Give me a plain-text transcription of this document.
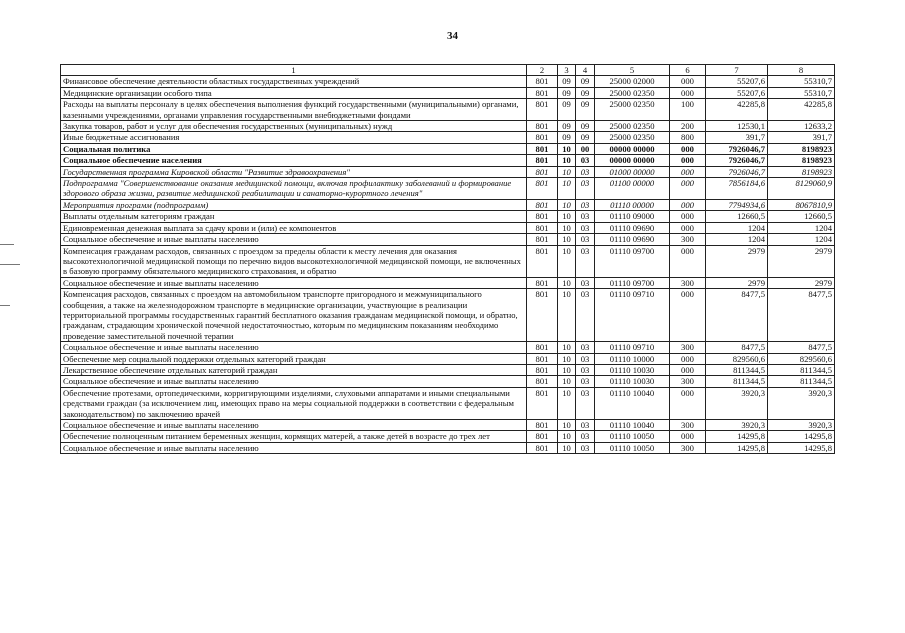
34
1	2	3	4	5	6	7	8
Финансовое обеспечение деятельности областных государственных учреждений	801	09	09	25000 02000	000	55207,6	55310,7
Медицинские организации особого типа	801	09	09	25000 02350	000	55207,6	55310,7
Расходы на выплаты персоналу в целях обеспечения выполнения функций государственными (муниципальными) органами, казенными учреждениями, органами управления государственными внебюджетными фондами	801	09	09	25000 02350	100	42285,8	42285,8
Закупка товаров, работ и услуг для обеспечения государственных (муниципальных) нужд	801	09	09	25000 02350	200	12530,1	12633,2
Иные бюджетные ассигнования	801	09	09	25000 02350	800	391,7	391,7
Социальная политика	801	10	00	00000 00000	000	7926046,7	8198923
Социальное обеспечение населения	801	10	03	00000 00000	000	7926046,7	8198923
Государственная программа Кировской области "Развитие здравоохранения"	801	10	03	01000 00000	000	7926046,7	8198923
Подпрограмма "Совершенствование оказания медицинской помощи, включая профилактику заболеваний и формирование здорового образа жизни, развитие медицинской реабилитации и санаторно-курортного лечения"	801	10	03	01100 00000	000	7856184,6	8129060,9
Мероприятия программ (подпрограмм)	801	10	03	01110 00000	000	7794934,6	8067810,9
Выплаты отдельным категориям граждан	801	10	03	01110 09000	000	12660,5	12660,5
Единовременная денежная выплата за сдачу крови и (или) ее компонентов	801	10	03	01110 09690	000	1204	1204
Социальное обеспечение и иные выплаты населению	801	10	03	01110 09690	300	1204	1204
Компенсация гражданам расходов, связанных с проездом за пределы области к месту лечения для оказания высокотехнологичной медицинской помощи по перечню видов высокотехнологичной медицинской помощи, не включенных в базовую программу обязательного медицинского страхования, и обратно	801	10	03	01110 09700	000	2979	2979
Социальное обеспечение и иные выплаты населению	801	10	03	01110 09700	300	2979	2979
Компенсация расходов, связанных с проездом на автомобильном транспорте пригородного и межмуниципального сообщения, а также на железнодорожном транспорте в медицинские организации, участвующие в реализации территориальной программы государственных гарантий бесплатного оказания гражданам медицинской помощи, и обратно, гражданам, страдающим хронической почечной недостаточностью, которым по медицинским показаниям необходимо проведение заместительной почечной терапии	801	10	03	01110 09710	000	8477,5	8477,5
Социальное обеспечение и иные выплаты населению	801	10	03	01110 09710	300	8477,5	8477,5
Обеспечение мер социальной поддержки отдельных категорий граждан	801	10	03	01110 10000	000	829560,6	829560,6
Лекарственное обеспечение отдельных категорий граждан	801	10	03	01110 10030	000	811344,5	811344,5
Социальное обеспечение и иные выплаты населению	801	10	03	01110 10030	300	811344,5	811344,5
Обеспечение протезами, ортопедическими, корригирующими изделиями, слуховыми аппаратами и иными специальными средствами граждан (за исключением лиц, имеющих право на меры социальной поддержки в соответствии с федеральным законодательством) по заключению врачей	801	10	03	01110 10040	000	3920,3	3920,3
Социальное обеспечение и иные выплаты населению	801	10	03	01110 10040	300	3920,3	3920,3
Обеспечение полноценным питанием беременных женщин, кормящих матерей, а также детей в возрасте до трех лет	801	10	03	01110 10050	000	14295,8	14295,8
Социальное обеспечение и иные выплаты населению	801	10	03	01110 10050	300	14295,8	14295,8
